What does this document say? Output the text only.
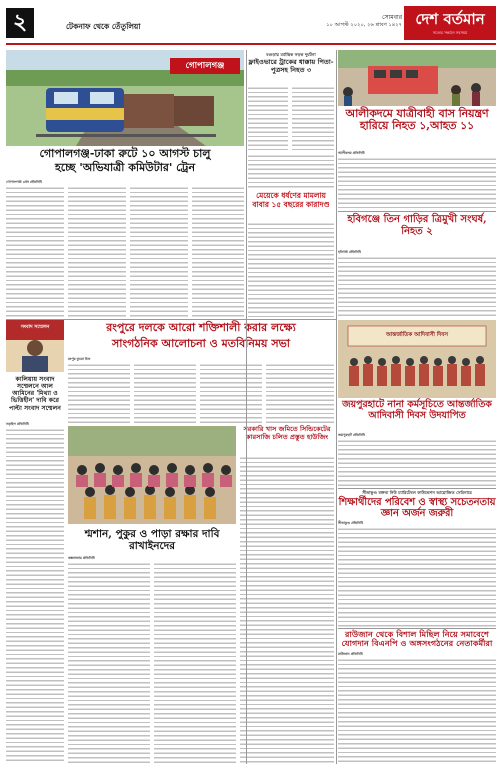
২	টেকনাফ থেকে তেঁতুলিয়া
সোমবার
১০ আগস্ট ২০২০, ২৬ শ্রাবণ ১৪২৭ দেশ বর্তমান
সত্যের সন্ধানে সবসময়
গোপালগঞ্জ
বগুড়ায় মর্মান্তিক সড়ক দুর্ঘটনা
ফ্লাইওভারে ট্রাকের ধাক্কায় পিতা-পুত্রসহ নিহত ৩
আলীকদমে যাত্রীবাহী বাস নিয়ন্ত্রণ হারিয়ে নিহত ১,আহত ১১
আলীকদম প্রতিনিধি
গোপালগঞ্জ-ঢাকা রুটে ১০ আগস্ট চালু
হচ্ছে 'অভিযাত্রী কমিউটার' ট্রেন
গোপালগঞ্জ প্রেস প্রতিনিধি
মেয়েকে ধর্ষণের মামলায় বাবার ১৫ বছরের কারাদণ্ড
হবিগঞ্জে তিন গাড়ির ত্রিমুখী সংঘর্ষ, নিহত ২
হবিগঞ্জ প্রতিনিধি
আন্তর্জাতিক আদিবাসী দিবস
সংবাদ সম্মেলন	রংপুরে দলকে আরো শক্তিশালী করার লক্ষ্যে
সাংগঠনিক আলোচনা ও মতবিনিময় সভা
রংপুর ব্যুরো চিফ
কালিয়ায় সংবাদ সম্মেলনে আল আমিনের 'মিথ্যা ও ভিত্তিহীন' দাবি করে পাল্টা সংবাদ সম্মেলন
নড়াইল প্রতিনিধি
জয়পুরহাটে নানা কর্মসূচিতে আন্তর্জাতিক আদিবাসী দিবস উদযাপিত
জয়পুরহাট প্রতিনিধি
সরকারি খাস জমিতে সিন্ডিকেটের কারসাজি চলিত প্রস্তুত হাউজিং
শ্মশান, পুকুর ও পাড়া রক্ষার দাবি রাখাইনদের
কক্সবাজার প্রতিনিধি
সীতাকুণ্ড বক্তব্য নিউ চ্যারিটেবল ফাউন্ডেশন আয়োজিত সেমিনারে
শিক্ষার্থীদের পরিবেশ ও স্বাস্থ্য সচেতনতায় জ্ঞান অর্জন জরুরী
সীতাকুণ্ড প্রতিনিধি
রাউজান থেকে বিশাল মিছিল নিয়ে সমাবেশে যোগদান বিএনপি ও অঙ্গসংগঠনের নেতাকর্মীরা
রাউজান প্রতিনিধি
